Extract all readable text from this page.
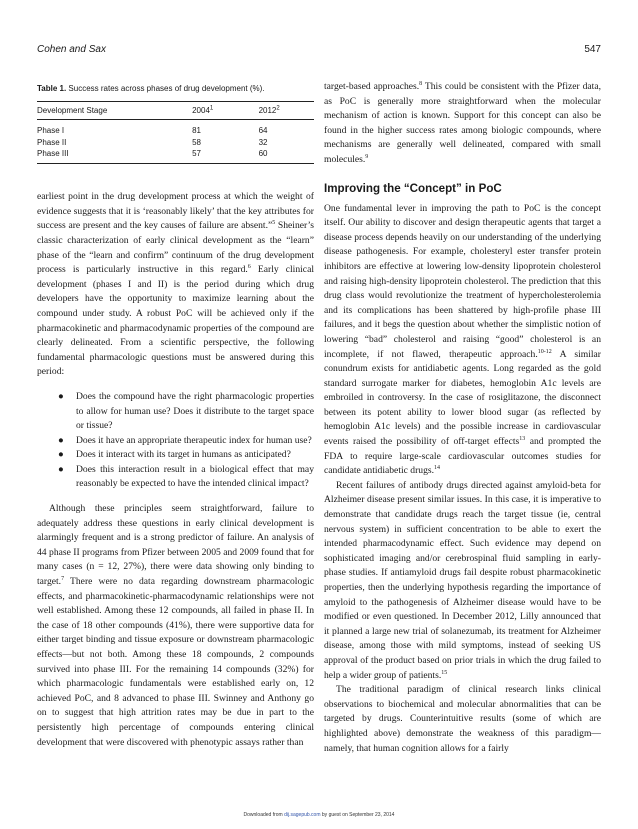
Cohen and Sax	547
Table 1. Success rates across phases of drug development (%).
Development Stage	2004$^1$	2012$^2$
Phase I	81	64
Phase II	58	32
Phase III	57	60

earliest point in the drug development process at which the weight of evidence suggests that it is ‘reasonably likely’ that the key attributes for success are present and the key causes of failure are absent.”$^5$ Sheiner’s classic characterization of early clinical development as the “learn” phase of the “learn and confirm” continuum of the drug development process is particularly instructive in this regard.$^6$ Early clinical development (phases I and II) is the period during which drug developers have the opportunity to maximize learning about the compound under study. A robust PoC will be achieved only if the pharmacokinetic and pharmacodynamic properties of the compound are clearly delineated. From a scientific perspective, the following fundamental pharmacologic questions must be answered during this period:

● Does the compound have the right pharmacologic properties to allow for human use? Does it distribute to the target space or tissue?
● Does it have an appropriate therapeutic index for human use?
● Does it interact with its target in humans as anticipated?
● Does this interaction result in a biological effect that may reasonably be expected to have the intended clinical impact?

Although these principles seem straightforward, failure to adequately address these questions in early clinical development is alarmingly frequent and is a strong predictor of failure. An analysis of 44 phase II programs from Pfizer between 2005 and 2009 found that for many cases (n = 12, 27%), there were data showing only binding to target.$^7$ There were no data regarding downstream pharmacologic effects, and pharmacokinetic-pharmacodynamic relationships were not well established. Among these 12 compounds, all failed in phase II. In the case of 18 other compounds (41%), there were supportive data for either target binding and tissue exposure or downstream pharmacologic effects—but not both. Among these 18 compounds, 2 compounds survived into phase III. For the remaining 14 compounds (32%) for which pharmacologic fundamentals were established early on, 12 achieved PoC, and 8 advanced to phase III. Swinney and Anthony go on to suggest that high attrition rates may be due in part to the persistently high percentage of compounds entering clinical development that were discovered with phenotypic assays rather than

target-based approaches.$^8$ This could be consistent with the Pfizer data, as PoC is generally more straightforward when the molecular mechanism of action is known. Support for this concept can also be found in the higher success rates among biologic compounds, where mechanisms are generally well delineated, compared with small molecules.$^9$

Improving the “Concept” in PoC

One fundamental lever in improving the path to PoC is the concept itself. Our ability to discover and design therapeutic agents that target a disease process depends heavily on our understanding of the underlying disease pathogenesis. For example, cholesteryl ester transfer protein inhibitors are effective at lowering low-density lipoprotein cholesterol and raising high-density lipoprotein cholesterol. The prediction that this drug class would revolutionize the treatment of hypercholesterolemia and its complications has been shattered by high-profile phase III failures, and it begs the question about whether the simplistic notion of lowering “bad” cholesterol and raising “good” cholesterol is an incomplete, if not flawed, therapeutic approach.$^{10-12}$ A similar conundrum exists for antidiabetic agents. Long regarded as the gold standard surrogate marker for diabetes, hemoglobin A1c levels are embroiled in controversy. In the case of rosiglitazone, the disconnect between its potent ability to lower blood sugar (as reflected by hemoglobin A1c levels) and the possible increase in cardiovascular events raised the possibility of off-target effects$^{13}$ and prompted the FDA to require large-scale cardiovascular outcomes studies for candidate antidiabetic drugs.$^{14}$

Recent failures of antibody drugs directed against amyloid-beta for Alzheimer disease present similar issues. In this case, it is imperative to demonstrate that candidate drugs reach the target tissue (ie, central nervous system) in sufficient concentration to be able to exert the intended pharmacodynamic effect. Such evidence may depend on sophisticated imaging and/or cerebrospinal fluid sampling in early-phase studies. If antiamyloid drugs fail despite robust pharmacokinetic properties, then the underlying hypothesis regarding the importance of amyloid to the pathogenesis of Alzheimer disease would have to be modified or even questioned. In December 2012, Lilly announced that it planned a large new trial of solanezumab, its treatment for Alzheimer disease, among those with mild symptoms, instead of seeking US approval of the product based on prior trials in which the drug failed to help a wider group of patients.$^{15}$

The traditional paradigm of clinical research links clinical observations to biochemical and molecular abnormalities that can be targeted by drugs. Counterintuitive results (some of which are highlighted above) demonstrate the weakness of this paradigm—namely, that human cognition allows for a fairly

Downloaded from dij.sagepub.com by guest on September 23, 2014
